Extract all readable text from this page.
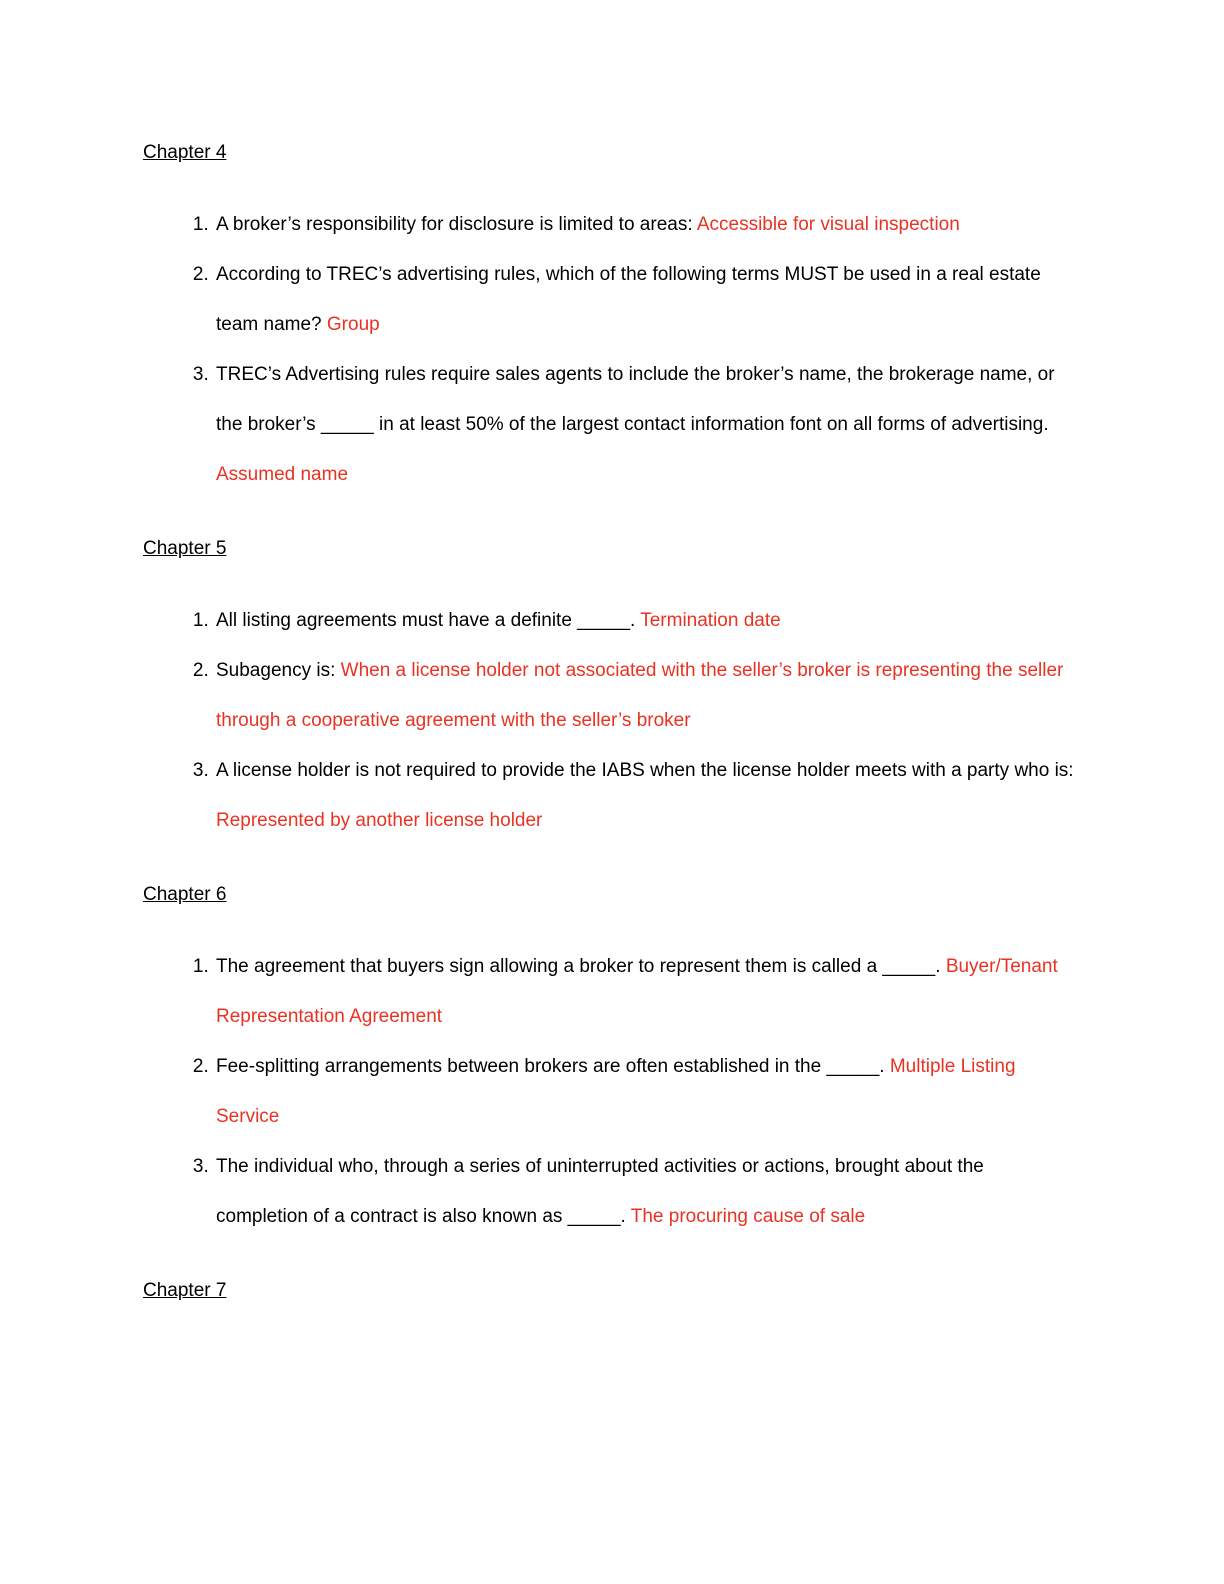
Chapter 4
1. A broker’s responsibility for disclosure is limited to areas: Accessible for visual inspection
2. According to TREC’s advertising rules, which of the following terms MUST be used in a real estate team name? Group
3. TREC’s Advertising rules require sales agents to include the broker’s name, the brokerage name, or the broker’s _____ in at least 50% of the largest contact information font on all forms of advertising. Assumed name
Chapter 5
1. All listing agreements must have a definite _____. Termination date
2. Subagency is: When a license holder not associated with the seller’s broker is representing the seller through a cooperative agreement with the seller’s broker
3. A license holder is not required to provide the IABS when the license holder meets with a party who is: Represented by another license holder
Chapter 6
1. The agreement that buyers sign allowing a broker to represent them is called a _____. Buyer/Tenant Representation Agreement
2. Fee-splitting arrangements between brokers are often established in the _____. Multiple Listing Service
3. The individual who, through a series of uninterrupted activities or actions, brought about the completion of a contract is also known as _____. The procuring cause of sale
Chapter 7
